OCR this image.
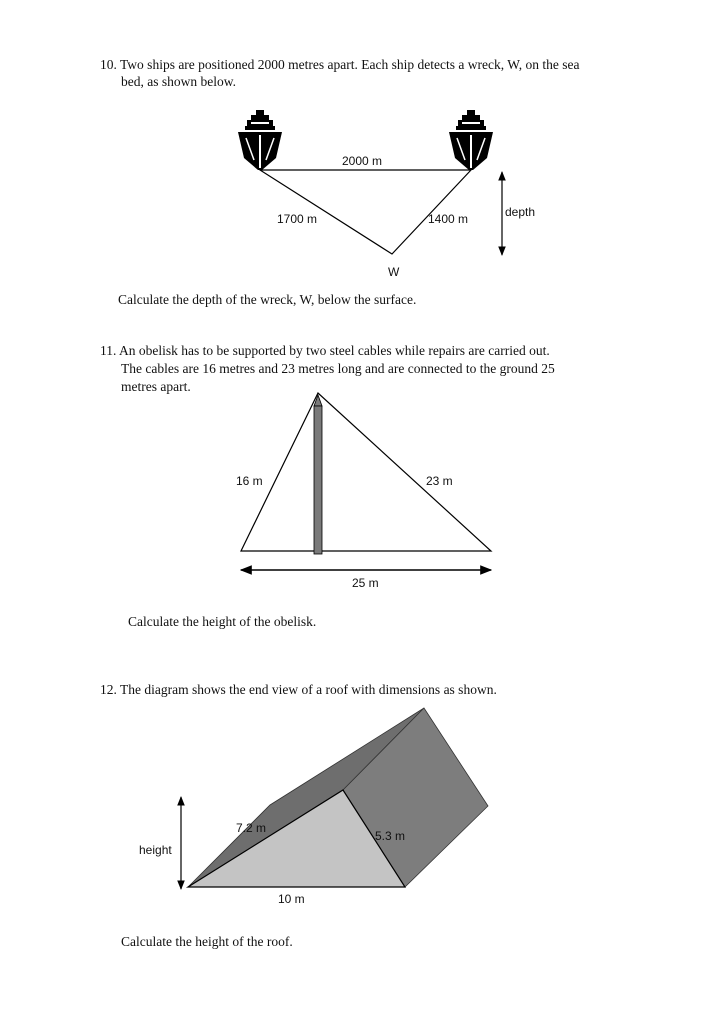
10. Two ships are positioned 2000 metres apart. Each ship detects a wreck, W, on the sea
bed, as shown below.
11. An obelisk has to be supported by two steel cables while repairs are carried out.
The cables are 16 metres and 23 metres long and are connected to the ground 25
metres apart.
12. The diagram shows the end view of a roof with dimensions as shown.
Calculate the depth of the wreck, W, below the surface.
Calculate the height of the obelisk.
Calculate the height of the roof.
2000 m
1700 m	1400 m	depth
W
16 m	23 m
25 m
7.2 m
5.3 m
height
10 m
